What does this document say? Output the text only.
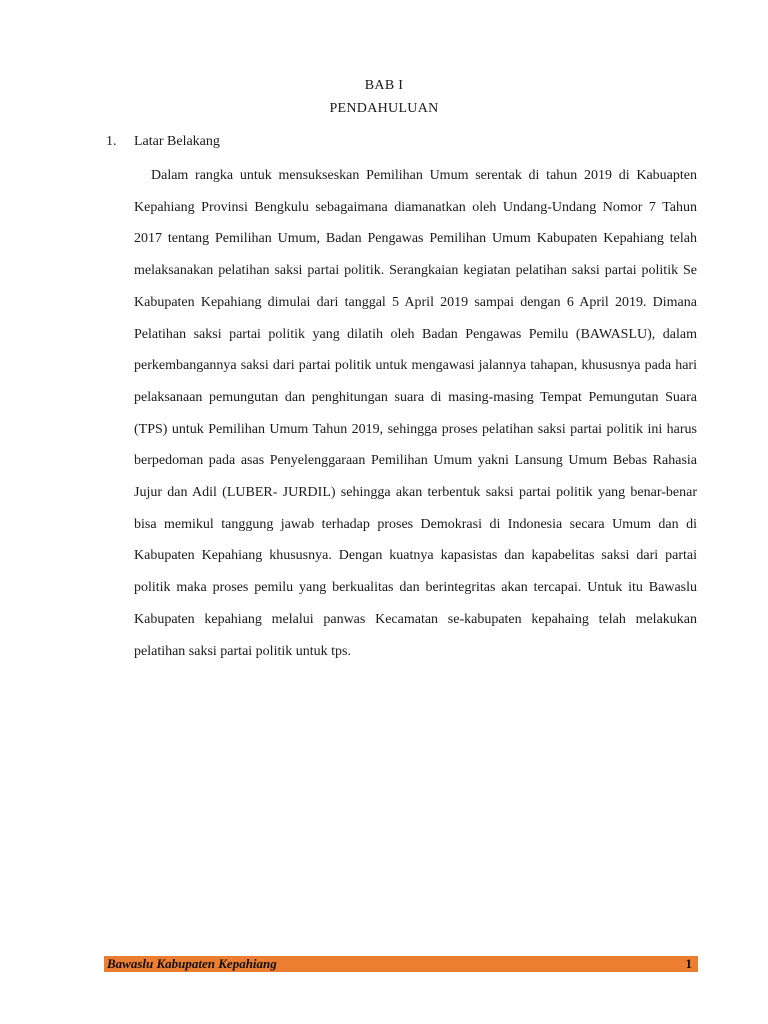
BAB I
PENDAHULUAN
1. Latar Belakang

Dalam rangka untuk mensukseskan Pemilihan Umum serentak di tahun 2019 di Kabuapten Kepahiang Provinsi Bengkulu sebagaimana diamanatkan oleh Undang-Undang Nomor 7 Tahun 2017 tentang Pemilihan Umum, Badan Pengawas Pemilihan Umum Kabupaten Kepahiang telah melaksanakan pelatihan saksi partai politik. Serangkaian kegiatan pelatihan saksi partai politik Se Kabupaten Kepahiang dimulai dari tanggal 5 April 2019 sampai dengan 6 April 2019. Dimana Pelatihan saksi partai politik yang dilatih oleh Badan Pengawas Pemilu (BAWASLU), dalam perkembangannya saksi dari partai politik untuk mengawasi jalannya tahapan, khususnya pada hari pelaksanaan pemungutan dan penghitungan suara di masing-masing Tempat Pemungutan Suara (TPS) untuk Pemilihan Umum Tahun 2019, sehingga proses pelatihan saksi partai politik ini harus berpedoman pada asas Penyelenggaraan Pemilihan Umum yakni Lansung Umum Bebas Rahasia Jujur dan Adil (LUBER- JURDIL) sehingga akan terbentuk saksi partai politik yang benar-benar bisa memikul tanggung jawab terhadap proses Demokrasi di Indonesia secara Umum dan di Kabupaten Kepahiang khususnya. Dengan kuatnya kapasistas dan kapabelitas saksi dari partai politik maka proses pemilu yang berkualitas dan berintegritas akan tercapai. Untuk itu Bawaslu Kabupaten kepahiang melalui panwas Kecamatan se-kabupaten kepahaing telah melakukan pelatihan saksi partai politik untuk tps.

Bawaslu Kabupaten Kepahiang	1
